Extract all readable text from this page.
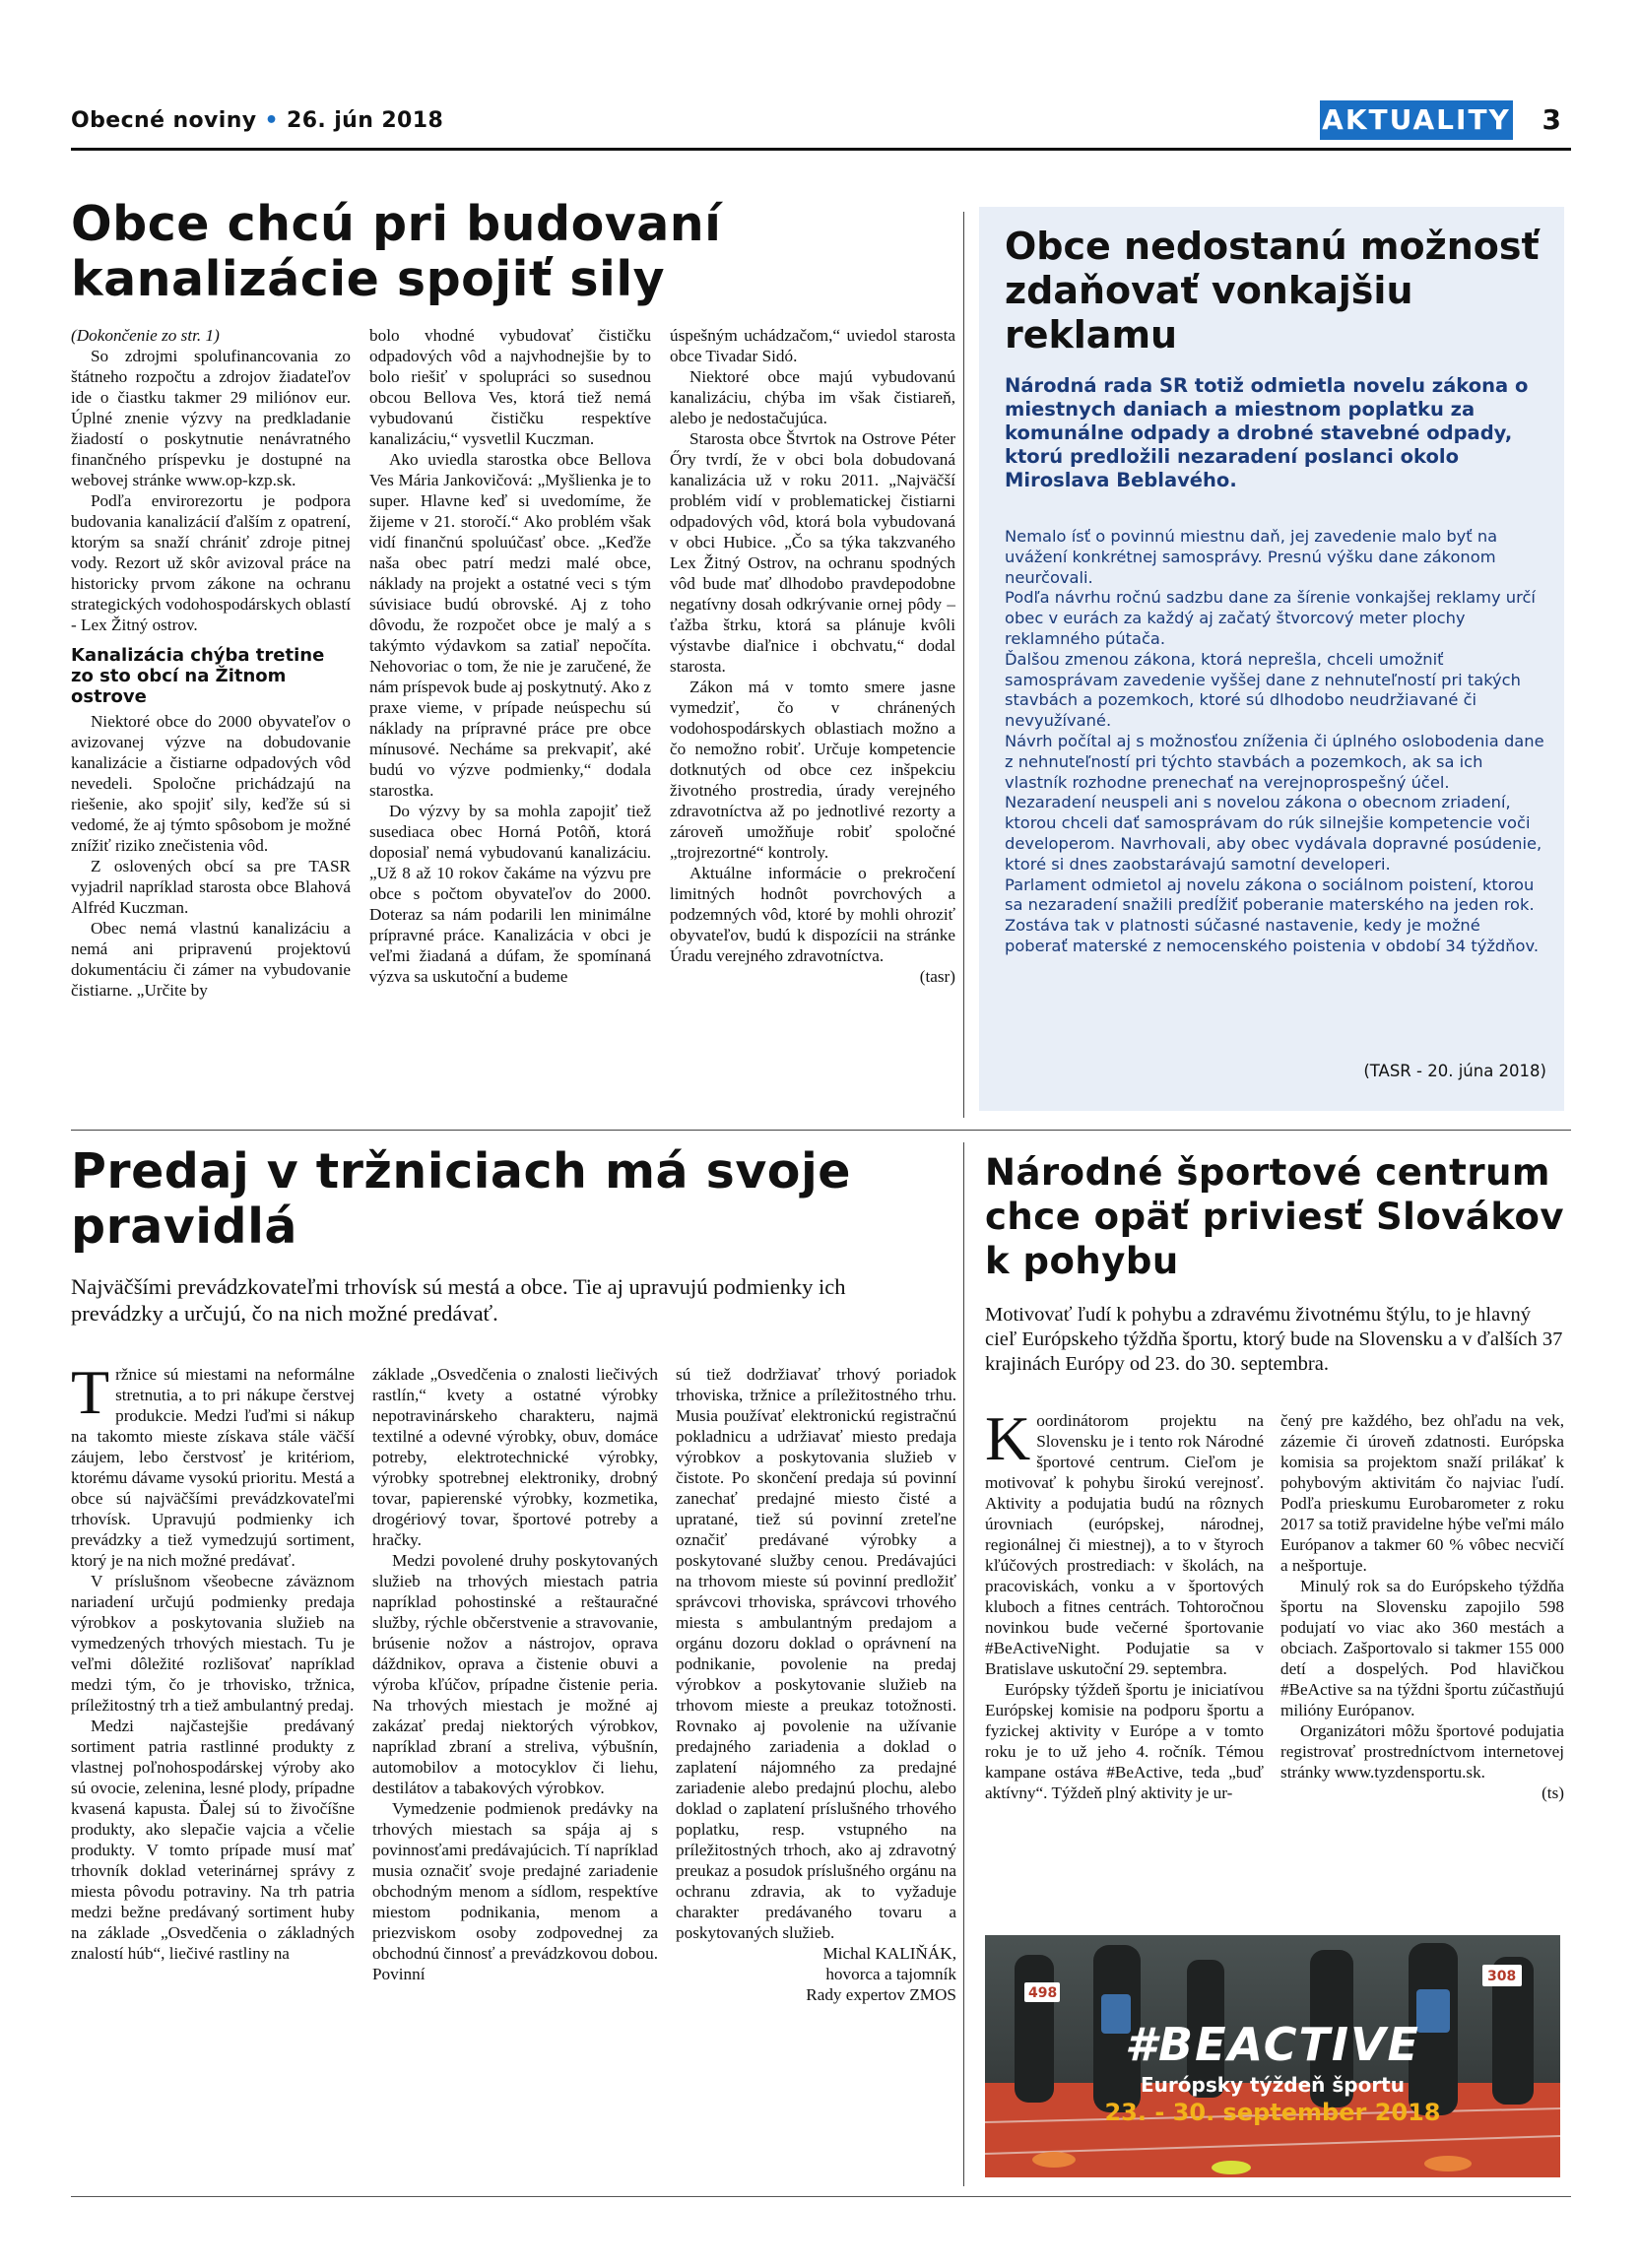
Obecné noviny • 26. jún 2018	AKTUALITY 3
Obce chcú pri budovaní kanalizácie spojiť sily

(Dokončenie zo str. 1)

So zdrojmi spolufinancovania zo štátneho rozpočtu a zdrojov žiadateľov ide o čiastku takmer 29 miliónov eur. Úplné znenie výzvy na predkladanie žiadostí o poskytnutie nenávratného finančného príspevku je dostupné na webovej stránke www.op-kzp.sk.

Podľa envirorezortu je podpora budovania kanalizácií ďalším z opatrení, ktorým sa snaží chrániť zdroje pitnej vody. Rezort už skôr avizoval práce na historicky prvom zákone na ochranu strategických vodohospodárskych oblastí - Lex Žitný ostrov.

Kanalizácia chýba tretine zo sto obcí na Žitnom ostrove

Niektoré obce do 2000 obyvateľov o avizovanej výzve na dobudovanie kanalizácie a čistiarne odpadových vôd nevedeli. Spoločne prichádzajú na riešenie, ako spojiť sily, keďže sú si vedomé, že aj týmto spôsobom je možné znížiť riziko znečistenia vôd.

Z oslovených obcí sa pre TASR vyjadril napríklad starosta obce Blahová Alfréd Kuczman.

Obec nemá vlastnú kanalizáciu a nemá ani pripravenú projektovú dokumentáciu či zámer na vybudovanie čistiarne. „Určite by

bolo vhodné vybudovať čističku odpadových vôd a najvhodnejšie by to bolo riešiť v spolupráci so susednou obcou Bellova Ves, ktorá tiež nemá vybudovanú čističku respektíve kanalizáciu,“ vysvetlil Kuczman.

Ako uviedla starostka obce Bellova Ves Mária Jankovičová: „Myšlienka je to super. Hlavne keď si uvedomíme, že žijeme v 21. storočí.“ Ako problém však vidí finančnú spoluúčasť obce. „Keďže naša obec patrí medzi malé obce, náklady na projekt a ostatné veci s tým súvisiace budú obrovské. Aj z toho dôvodu, že rozpočet obce je malý a s takýmto výdavkom sa zatiaľ nepočíta. Nehovoriac o tom, že nie je zaručené, že nám príspevok bude aj poskytnutý. Ako z praxe vieme, v prípade neúspechu sú náklady na prípravné práce pre obce mínusové. Necháme sa prekvapiť, aké budú vo výzve podmienky,“ dodala starostka.

Do výzvy by sa mohla zapojiť tiež susediaca obec Horná Potôň, ktorá doposiaľ nemá vybudovanú kanalizáciu. „Už 8 až 10 rokov čakáme na výzvu pre obce s počtom obyvateľov do 2000. Doteraz sa nám podarili len minimálne prípravné práce. Kanalizácia v obci je veľmi žiadaná a dúfam, že spomínaná výzva sa uskutoční a budeme

úspešným uchádzačom,“ uviedol starosta obce Tivadar Sidó.

Niektoré obce majú vybudovanú kanalizáciu, chýba im však čistiareň, alebo je nedostačujúca.

Starosta obce Štvrtok na Ostrove Péter Őry tvrdí, že v obci bola dobudovaná kanalizácia už v roku 2011. „Najväčší problém vidí v problematickej čistiarni odpadových vôd, ktorá bola vybudovaná v obci Hubice. „Čo sa týka takzvaného Lex Žitný Ostrov, na ochranu spodných vôd bude mať dlhodobo pravdepodobne negatívny dosah odkrývanie ornej pôdy – ťažba štrku, ktorá sa plánuje kvôli výstavbe diaľnice i obchvatu,“ dodal starosta.

Zákon má v tomto smere jasne vymedziť, čo v chránených vodohospodárskych oblastiach možno a čo nemožno robiť. Určuje kompetencie dotknutých od obce cez inšpekciu životného prostredia, úrady verejného zdravotníctva až po jednotlivé rezorty a zároveň umožňuje robiť spoločné „trojrezortné“ kontroly.

Aktuálne informácie o prekročení limitných hodnôt povrchových a podzemných vôd, ktoré by mohli ohroziť obyvateľov, budú k dispozícii na stránke Úradu verejného zdravotníctva.

(tasr)

Obce nedostanú možnosť zdaňovať vonkajšiu reklamu
Národná rada SR totiž odmietla novelu zákona o miestnych daniach a miestnom poplatku za komunálne odpady a drobné stavebné odpady, ktorú predložili nezaradení poslanci okolo Miroslava Beblavého.

Nemalo ísť o povinnú miestnu daň, jej zavedenie malo byť na uvážení konkrétnej samosprávy. Presnú výšku dane zákonom neurčovali.

Podľa návrhu ročnú sadzbu dane za šírenie vonkajšej reklamy určí obec v eurách za každý aj začatý štvorcový meter plochy reklamného pútača.

Ďalšou zmenou zákona, ktorá neprešla, chceli umožniť samosprávam zavedenie vyššej dane z nehnuteľností pri takých stavbách a pozemkoch, ktoré sú dlhodobo neudržiavané či nevyužívané.

Návrh počítal aj s možnosťou zníženia či úplného oslobodenia dane z nehnuteľností pri týchto stavbách a pozemkoch, ak sa ich vlastník rozhodne prenechať na verejnoprospešný účel.

Nezaradení neuspeli ani s novelou zákona o obecnom zriadení, ktorou chceli dať samosprávam do rúk silnejšie kompetencie voči developerom. Navrhovali, aby obec vydávala dopravné posúdenie, ktoré si dnes zaobstarávajú samotní developeri.

Parlament odmietol aj novelu zákona o sociálnom poistení, ktorou sa nezaradení snažili predĺžiť poberanie materského na jeden rok. Zostáva tak v platnosti súčasné nastavenie, kedy je možné poberať materské z nemocenského poistenia v období 34 týždňov.

(TASR - 20. júna 2018)
Predaj v tržniciach má svoje pravidlá
Najväčšími prevádzkovateľmi trhovísk sú mestá a obce. Tie aj upravujú podmienky ich prevádzky a určujú, čo na nich možné predávať.

Tržnice sú miestami na neformálne stretnutia, a to pri nákupe čerstvej produkcie. Medzi ľuďmi si nákup na takomto mieste získava stále väčší záujem, lebo čerstvosť je kritériom, ktorému dávame vysokú prioritu. Mestá a obce sú najväčšími prevádzkovateľmi trhovísk. Upravujú podmienky ich prevádzky a tiež vymedzujú sortiment, ktorý je na nich možné predávať.

V príslušnom všeobecne záväznom nariadení určujú podmienky predaja výrobkov a poskytovania služieb na vymedzených trhových miestach. Tu je veľmi dôležité rozlišovať napríklad medzi tým, čo je trhovisko, tržnica, príležitostný trh a tiež ambulantný predaj.

Medzi najčastejšie predávaný sortiment patria rastlinné produkty z vlastnej poľnohospodárskej výroby ako sú ovocie, zelenina, lesné plody, prípadne kvasená kapusta. Ďalej sú to živočíšne produkty, ako slepačie vajcia a včelie produkty. V tomto prípade musí mať trhovník doklad veterinárnej správy z miesta pôvodu potraviny. Na trh patria medzi bežne predávaný sortiment huby na základe „Osvedčenia o základných znalostí húb“, liečivé rastliny na

základe „Osvedčenia o znalosti liečivých rastlín,“ kvety a ostatné výrobky nepotravinárskeho charakteru, najmä textilné a odevné výrobky, obuv, domáce potreby, elektrotechnické výrobky, výrobky spotrebnej elektroniky, drobný tovar, papierenské výrobky, kozmetika, drogériový tovar, športové potreby a hračky.

Medzi povolené druhy poskytovaných služieb na trhových miestach patria napríklad pohostinské a reštauračné služby, rýchle občerstvenie a stravovanie, brúsenie nožov a nástrojov, oprava dáždnikov, oprava a čistenie obuvi a výroba kľúčov, prípadne čistenie peria. Na trhových miestach je možné aj zakázať predaj niektorých výrobkov, napríklad zbraní a streliva, výbušnín, automobilov a motocyklov či liehu, destilátov a tabakových výrobkov.

Vymedzenie podmienok predávky na trhových miestach sa spája aj s povinnosťami predávajúcich. Tí napríklad musia označiť svoje predajné zariadenie obchodným menom a sídlom, respektíve miestom podnikania, menom a priezviskom osoby zodpovednej za obchodnú činnosť a prevádzkovou dobou. Povinní

sú tiež dodržiavať trhový poriadok trhoviska, tržnice a príležitostného trhu. Musia používať elektronickú registračnú pokladnicu a udržiavať miesto predaja výrobkov a poskytovania služieb v čistote. Po skončení predaja sú povinní zanechať predajné miesto čisté a upratané, tiež sú povinní zreteľne označiť predávané výrobky a poskytované služby cenou. Predávajúci na trhovom mieste sú povinní predložiť správcovi trhoviska, správcovi trhového miesta s ambulantným predajom a orgánu dozoru doklad o oprávnení na podnikanie, povolenie na predaj výrobkov a poskytovanie služieb na trhovom mieste a preukaz totožnosti. Rovnako aj povolenie na užívanie predajného zariadenia a doklad o zaplatení nájomného za predajné zariadenie alebo predajnú plochu, alebo doklad o zaplatení príslušného trhového poplatku, resp. vstupného na príležitostných trhoch, ako aj zdravotný preukaz a posudok príslušného orgánu na ochranu zdravia, ak to vyžaduje charakter predávaného tovaru a poskytovaných služieb.

Michal KALIŇÁK,

hovorca a tajomník

Rady expertov ZMOS

Národné športové centrum chce opäť priviesť Slovákov k pohybu
Motivovať ľudí k pohybu a zdravému životnému štýlu, to je hlavný cieľ Európskeho týždňa športu, ktorý bude na Slovensku a v ďalších 37 krajinách Európy od 23. do 30. septembra.

Koordinátorom projektu na Slovensku je i tento rok Národné športové centrum. Cieľom je motivovať k pohybu širokú verejnosť. Aktivity a podujatia budú na rôznych úrovniach (európskej, národnej, regionálnej či miestnej), a to v štyroch kľúčových prostrediach: v školách, na pracoviskách, vonku a v športových kluboch a fitnes centrách. Tohtoročnou novinkou bude večerné športovanie #BeActiveNight. Podujatie sa v Bratislave uskutoční 29. septembra.

Európsky týždeň športu je iniciatívou Európskej komisie na podporu športu a fyzickej aktivity v Európe a v tomto roku je to už jeho 4. ročník. Témou kampane ostáva #BeActive, teda „buď aktívny“. Týždeň plný aktivity je ur-

čený pre každého, bez ohľadu na vek, zázemie či úroveň zdatnosti. Európska komisia sa projektom snaží prilákať k pohybovým aktivitám čo najviac ľudí. Podľa prieskumu Eurobarometer z roku 2017 sa totiž pravidelne hýbe veľmi málo Európanov a takmer 60 % vôbec necvičí a nešportuje.

Minulý rok sa do Európskeho týždňa športu na Slovensku zapojilo 598 podujatí vo viac ako 360 mestách a obciach. Zašportovalo si takmer 155 000 detí a dospelých. Pod hlavičkou #BeActive sa na týždni športu zúčastňujú milióny Európanov.

Organizátori môžu športové podujatia registrovať prostredníctvom internetovej stránky www.tyzdensportu.sk.

(ts)

498
308
#BEACTIVE
Európsky týždeň športu
23. - 30. september 2018
